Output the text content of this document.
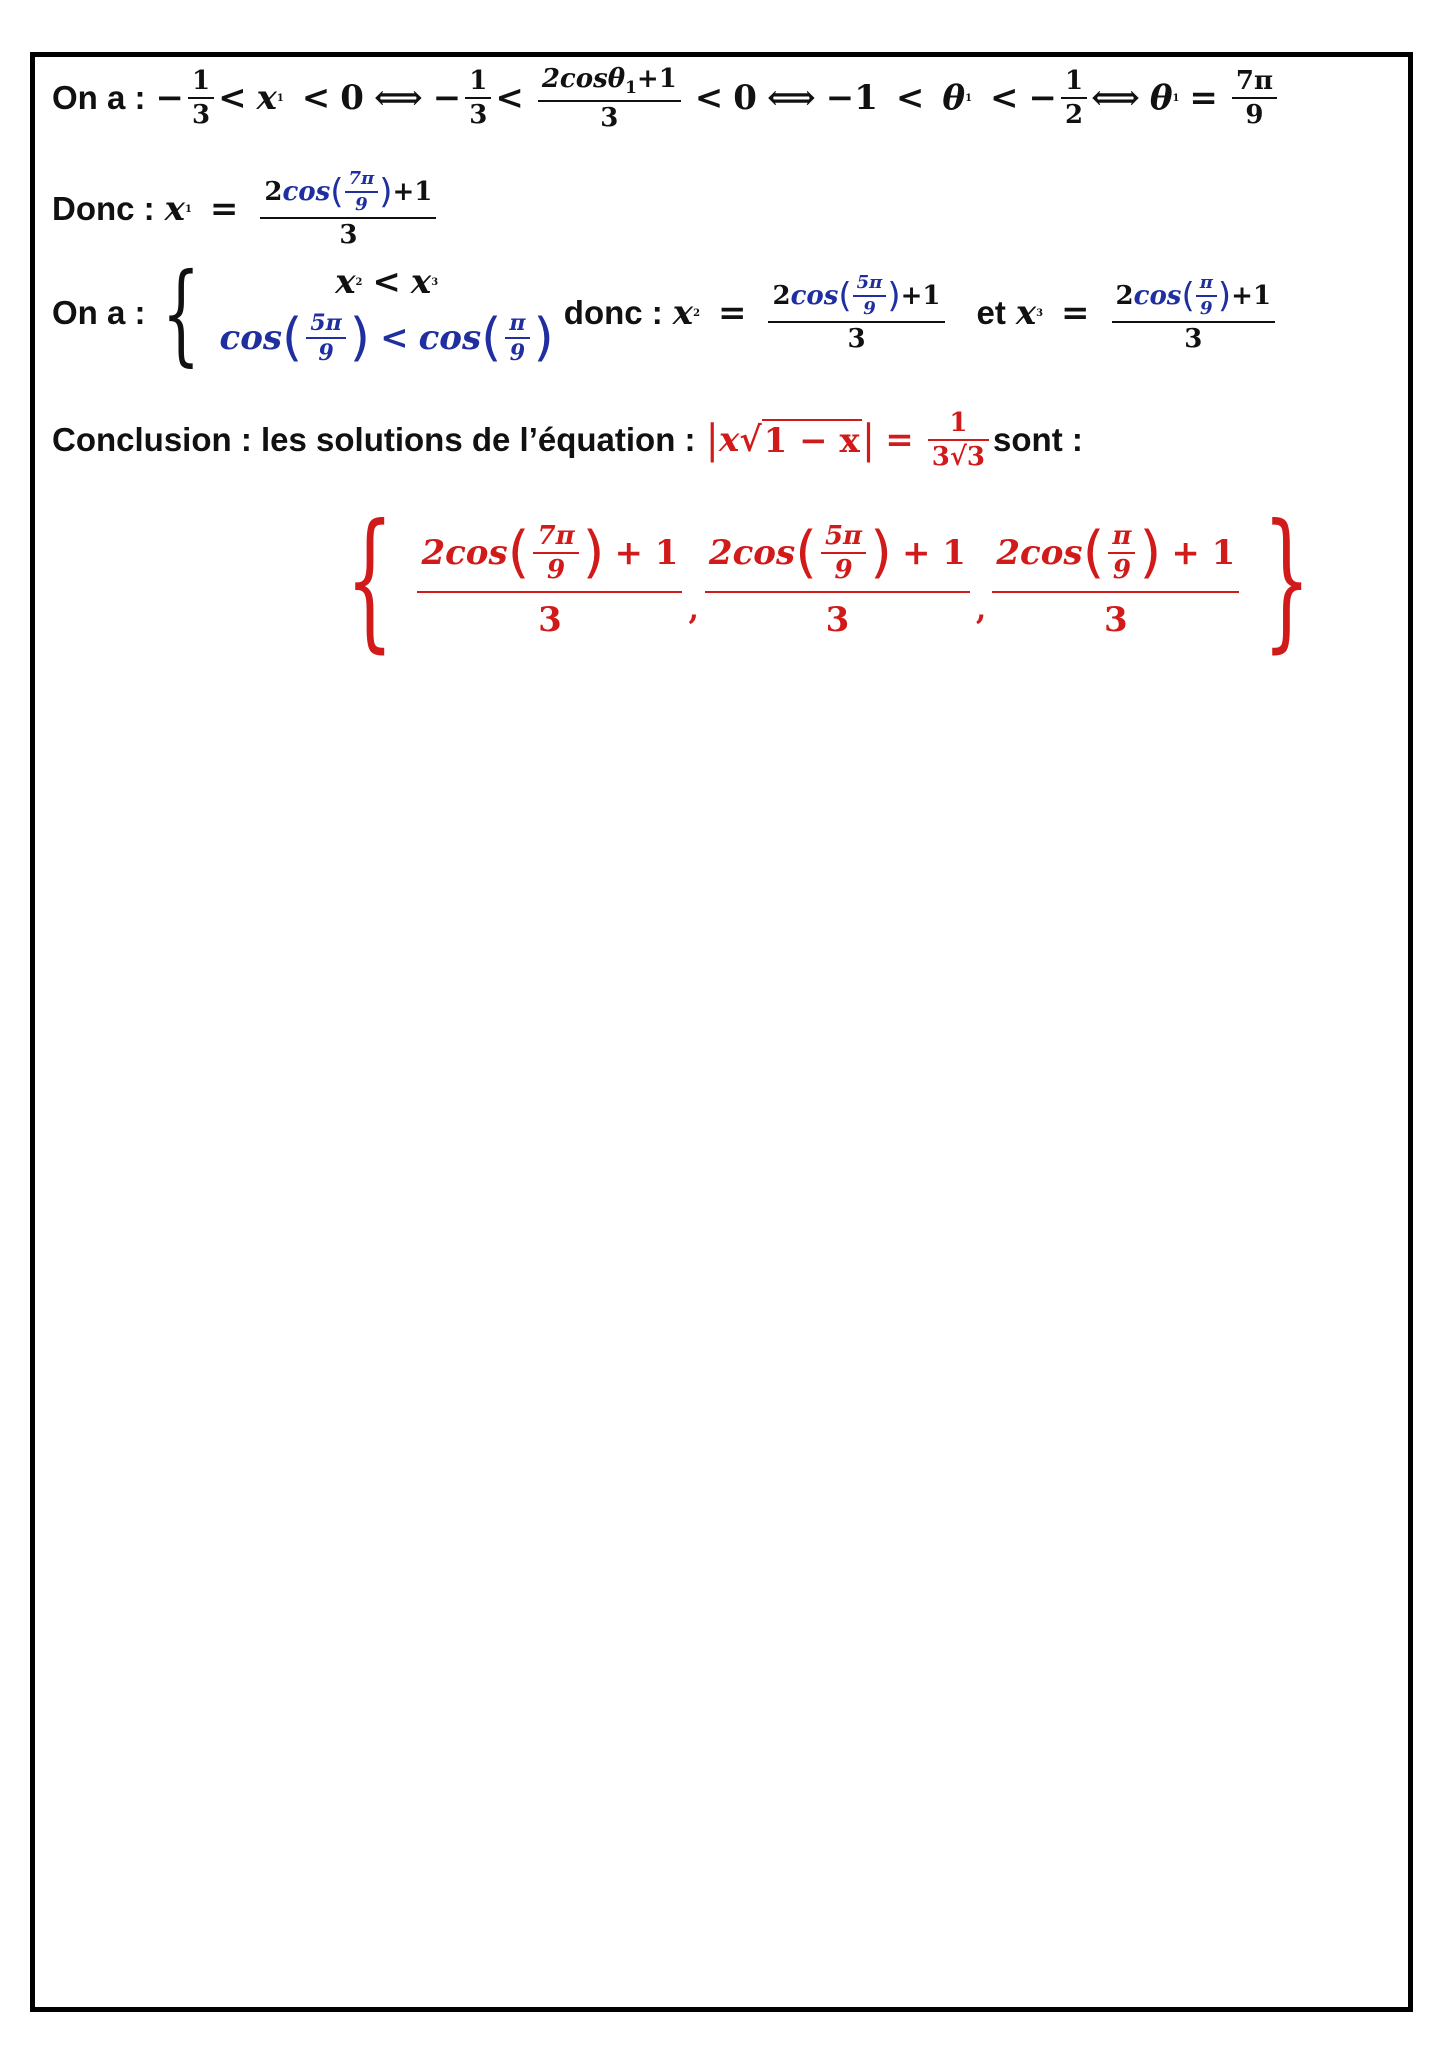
On a : − $\frac{1}{3} < x$ 1 < 0 ⟺ − $\frac{1}{3} < \frac{2\cos\theta_1+1}{3} < 0$ ⟺ −1 < θ 1 < − $\frac{1}{2}$ ⟺ θ $1 = \frac{7\pi}{9}$
Donc : x $1 = \frac{2 \cos ( \frac{7\pi}{9} ) +1}{3}$
On a : {	x 2 < x 3
cos ( $\frac{5\pi}{9}$ ) < cos ( $\frac{\pi}{9}$ ) donc : x $2 = \frac{2 \cos ( \frac{5\pi}{9} ) +1}{3}$ et x $3 = \frac{2 \cos ( \frac{\pi}{9} ) +1}{3}$
Conclusion : les solutions de l’équation : | x √ 1 − x | = $\frac{1}{3√3}$ sont :
{ $\frac{2\cos ( \frac{7\pi}{9} ) + 1}{3}$ , $\frac{2\cos ( \frac{5\pi}{9} ) + 1}{3}$ , $\frac{2\cos ( \frac{\pi}{9} ) + 1}{3}$ }
